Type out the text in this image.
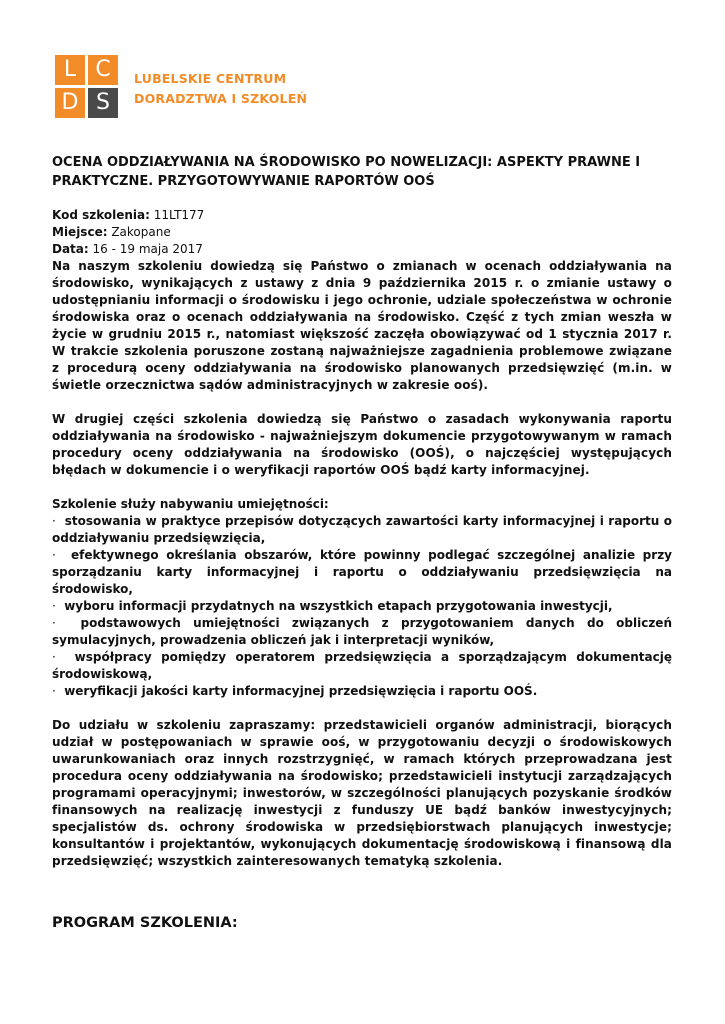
L C
D S
LUBELSKIE CENTRUM
DORADZTWA I SZKOLEŃ
OCENA ODDZIAŁYWANIA NA ŚRODOWISKO PO NOWELIZACJI: ASPEKTY PRAWNE I PRAKTYCZNE. PRZYGOTOWYWANIE RAPORTÓW OOŚ

Kod szkolenia: 11LT177

Miejsce: Zakopane

Data: 16 - 19 maja 2017

Na naszym szkoleniu dowiedzą się Państwo o zmianach w ocenach oddziaływania na środowisko, wynikających z ustawy z dnia 9 października 2015 r. o zmianie ustawy o udostępnianiu informacji o środowisku i jego ochronie, udziale społeczeństwa w ochronie środowiska oraz o ocenach oddziaływania na środowisko. Część z tych zmian weszła w życie w grudniu 2015 r., natomiast większość zaczęła obowiązywać od 1 stycznia 2017 r. W trakcie szkolenia poruszone zostaną najważniejsze zagadnienia problemowe związane z procedurą oceny oddziaływania na środowisko planowanych przedsięwzięć (m.in. w świetle orzecznictwa sądów administracyjnych w zakresie ooś).

W drugiej części szkolenia dowiedzą się Państwo o zasadach wykonywania raportu oddziaływania na środowisko - najważniejszym dokumencie przygotowywanym w ramach procedury oceny oddziaływania na środowisko (OOŚ), o najczęściej występujących błędach w dokumencie i o weryfikacji raportów OOŚ bądź karty informacyjnej.

Szkolenie służy nabywaniu umiejętności:

· stosowania w praktyce przepisów dotyczących zawartości karty informacyjnej i raportu o oddziaływaniu przedsięwzięcia,

· efektywnego określania obszarów, które powinny podlegać szczególnej analizie przy sporządzaniu karty informacyjnej i raportu o oddziaływaniu przedsięwzięcia na środowisko,

· wyboru informacji przydatnych na wszystkich etapach przygotowania inwestycji,

· podstawowych umiejętności związanych z przygotowaniem danych do obliczeń symulacyjnych, prowadzenia obliczeń jak i interpretacji wyników,

· współpracy pomiędzy operatorem przedsięwzięcia a sporządzającym dokumentację środowiskową,

· weryfikacji jakości karty informacyjnej przedsięwzięcia i raportu OOŚ.

Do udziału w szkoleniu zapraszamy: przedstawicieli organów administracji, biorących udział w postępowaniach w sprawie ooś, w przygotowaniu decyzji o środowiskowych uwarunkowaniach oraz innych rozstrzygnięć, w ramach których przeprowadzana jest procedura oceny oddziaływania na środowisko; przedstawicieli instytucji zarządzających programami operacyjnymi; inwestorów, w szczególności planujących pozyskanie środków finansowych na realizację inwestycji z funduszy UE bądź banków inwestycyjnych; specjalistów ds. ochrony środowiska w przedsiębiorstwach planujących inwestycje; konsultantów i projektantów, wykonujących dokumentację środowiskową i finansową dla przedsięwzięć; wszystkich zainteresowanych tematyką szkolenia.

PROGRAM SZKOLENIA:
